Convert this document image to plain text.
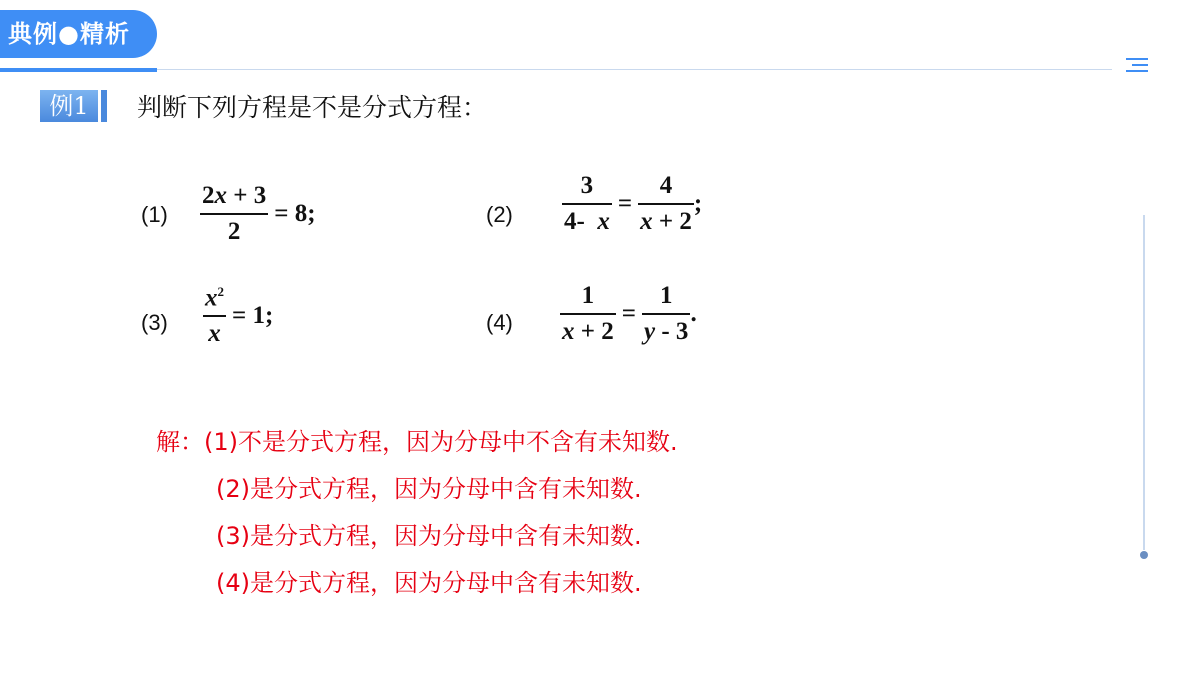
典例●精析
例1	判断下列方程是不是分式方程：
$(1) \frac{2x + 3}{2} = 8$;	$(2) \frac{3}{4- x} = \frac{4}{x + 2}$ ;
$(3) \frac{x^2}{x} = 1$;	$(4) \frac{1}{x + 2} = \frac{1}{y - 3}$ .
解：(1)不是分式方程，因为分母中不含有未知数.
(2)是分式方程，因为分母中含有未知数.
(3)是分式方程，因为分母中含有未知数.
(4)是分式方程，因为分母中含有未知数.
